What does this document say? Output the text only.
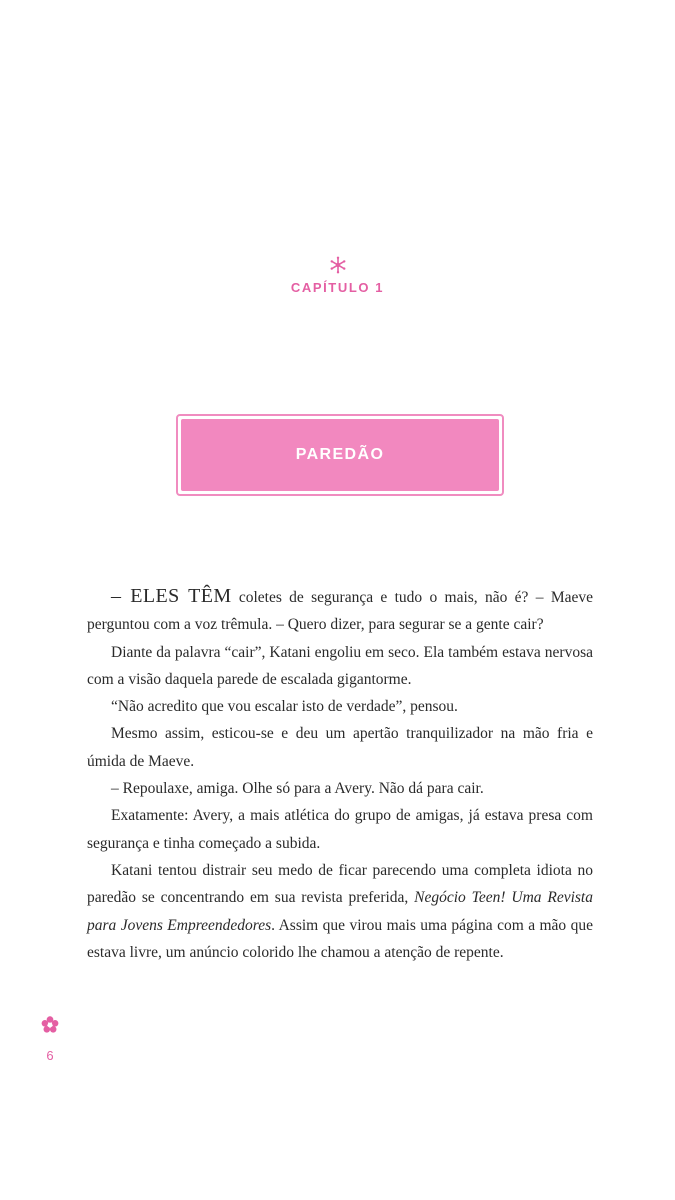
CAPÍTULO 1
PAREDÃO

– ELES TÊM coletes de segurança e tudo o mais, não é? – Maeve perguntou com a voz trêmula. – Quero dizer, para segurar se a gente cair?

Diante da palavra “cair”, Katani engoliu em seco. Ela também estava nervosa com a visão daquela parede de escalada gigantorme.

“Não acredito que vou escalar isto de verdade”, pensou.

Mesmo assim, esticou-se e deu um apertão tranquilizador na mão fria e úmida de Maeve.

– Repoulaxe, amiga. Olhe só para a Avery. Não dá para cair.

Exatamente: Avery, a mais atlética do grupo de amigas, já estava presa com segurança e tinha começado a subida.

Katani tentou distrair seu medo de ficar parecendo uma completa idiota no paredão se concentrando em sua revista preferida, Negócio Teen! Uma Revista para Jovens Empreendedores. Assim que virou mais uma página com a mão que estava livre, um anúncio colorido lhe chamou a atenção de repente.

6
